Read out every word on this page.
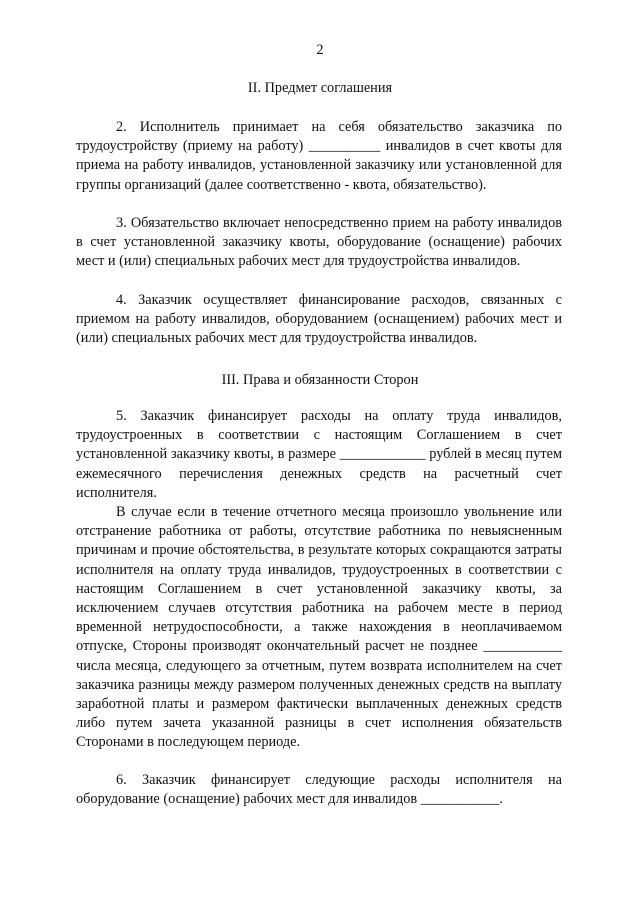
2
II. Предмет соглашения

2. Исполнитель принимает на себя обязательство заказчика по трудоустройству (приему на работу) __________ инвалидов в счет квоты для приема на работу инвалидов, установленной заказчику или установленной для группы организаций (далее соответственно - квота, обязательство).

3. Обязательство включает непосредственно прием на работу инвалидов в счет установленной заказчику квоты, оборудование (оснащение) рабочих мест и (или) специальных рабочих мест для трудоустройства инвалидов.

4. Заказчик осуществляет финансирование расходов, связанных с приемом на работу инвалидов, оборудованием (оснащением) рабочих мест и (или) специальных рабочих мест для трудоустройства инвалидов.

III. Права и обязанности Сторон

5. Заказчик финансирует расходы на оплату труда инвалидов, трудоустроенных в соответствии с настоящим Соглашением в счет установленной заказчику квоты, в размере ____________ рублей в месяц путем ежемесячного перечисления денежных средств на расчетный счет исполнителя.

В случае если в течение отчетного месяца произошло увольнение или отстранение работника от работы, отсутствие работника по невыясненным причинам и прочие обстоятельства, в результате которых сокращаются затраты исполнителя на оплату труда инвалидов, трудоустроенных в соответствии с настоящим Соглашением в счет установленной заказчику квоты, за исключением случаев отсутствия работника на рабочем месте в период временной нетрудоспособности, а также нахождения в неоплачиваемом отпуске, Стороны производят окончательный расчет не позднее ___________ числа месяца, следующего за отчетным, путем возврата исполнителем на счет заказчика разницы между размером полученных денежных средств на выплату заработной платы и размером фактически выплаченных денежных средств либо путем зачета указанной разницы в счет исполнения обязательств Сторонами в последующем периоде.

6. Заказчик финансирует следующие расходы исполнителя на оборудование (оснащение) рабочих мест для инвалидов ___________.
